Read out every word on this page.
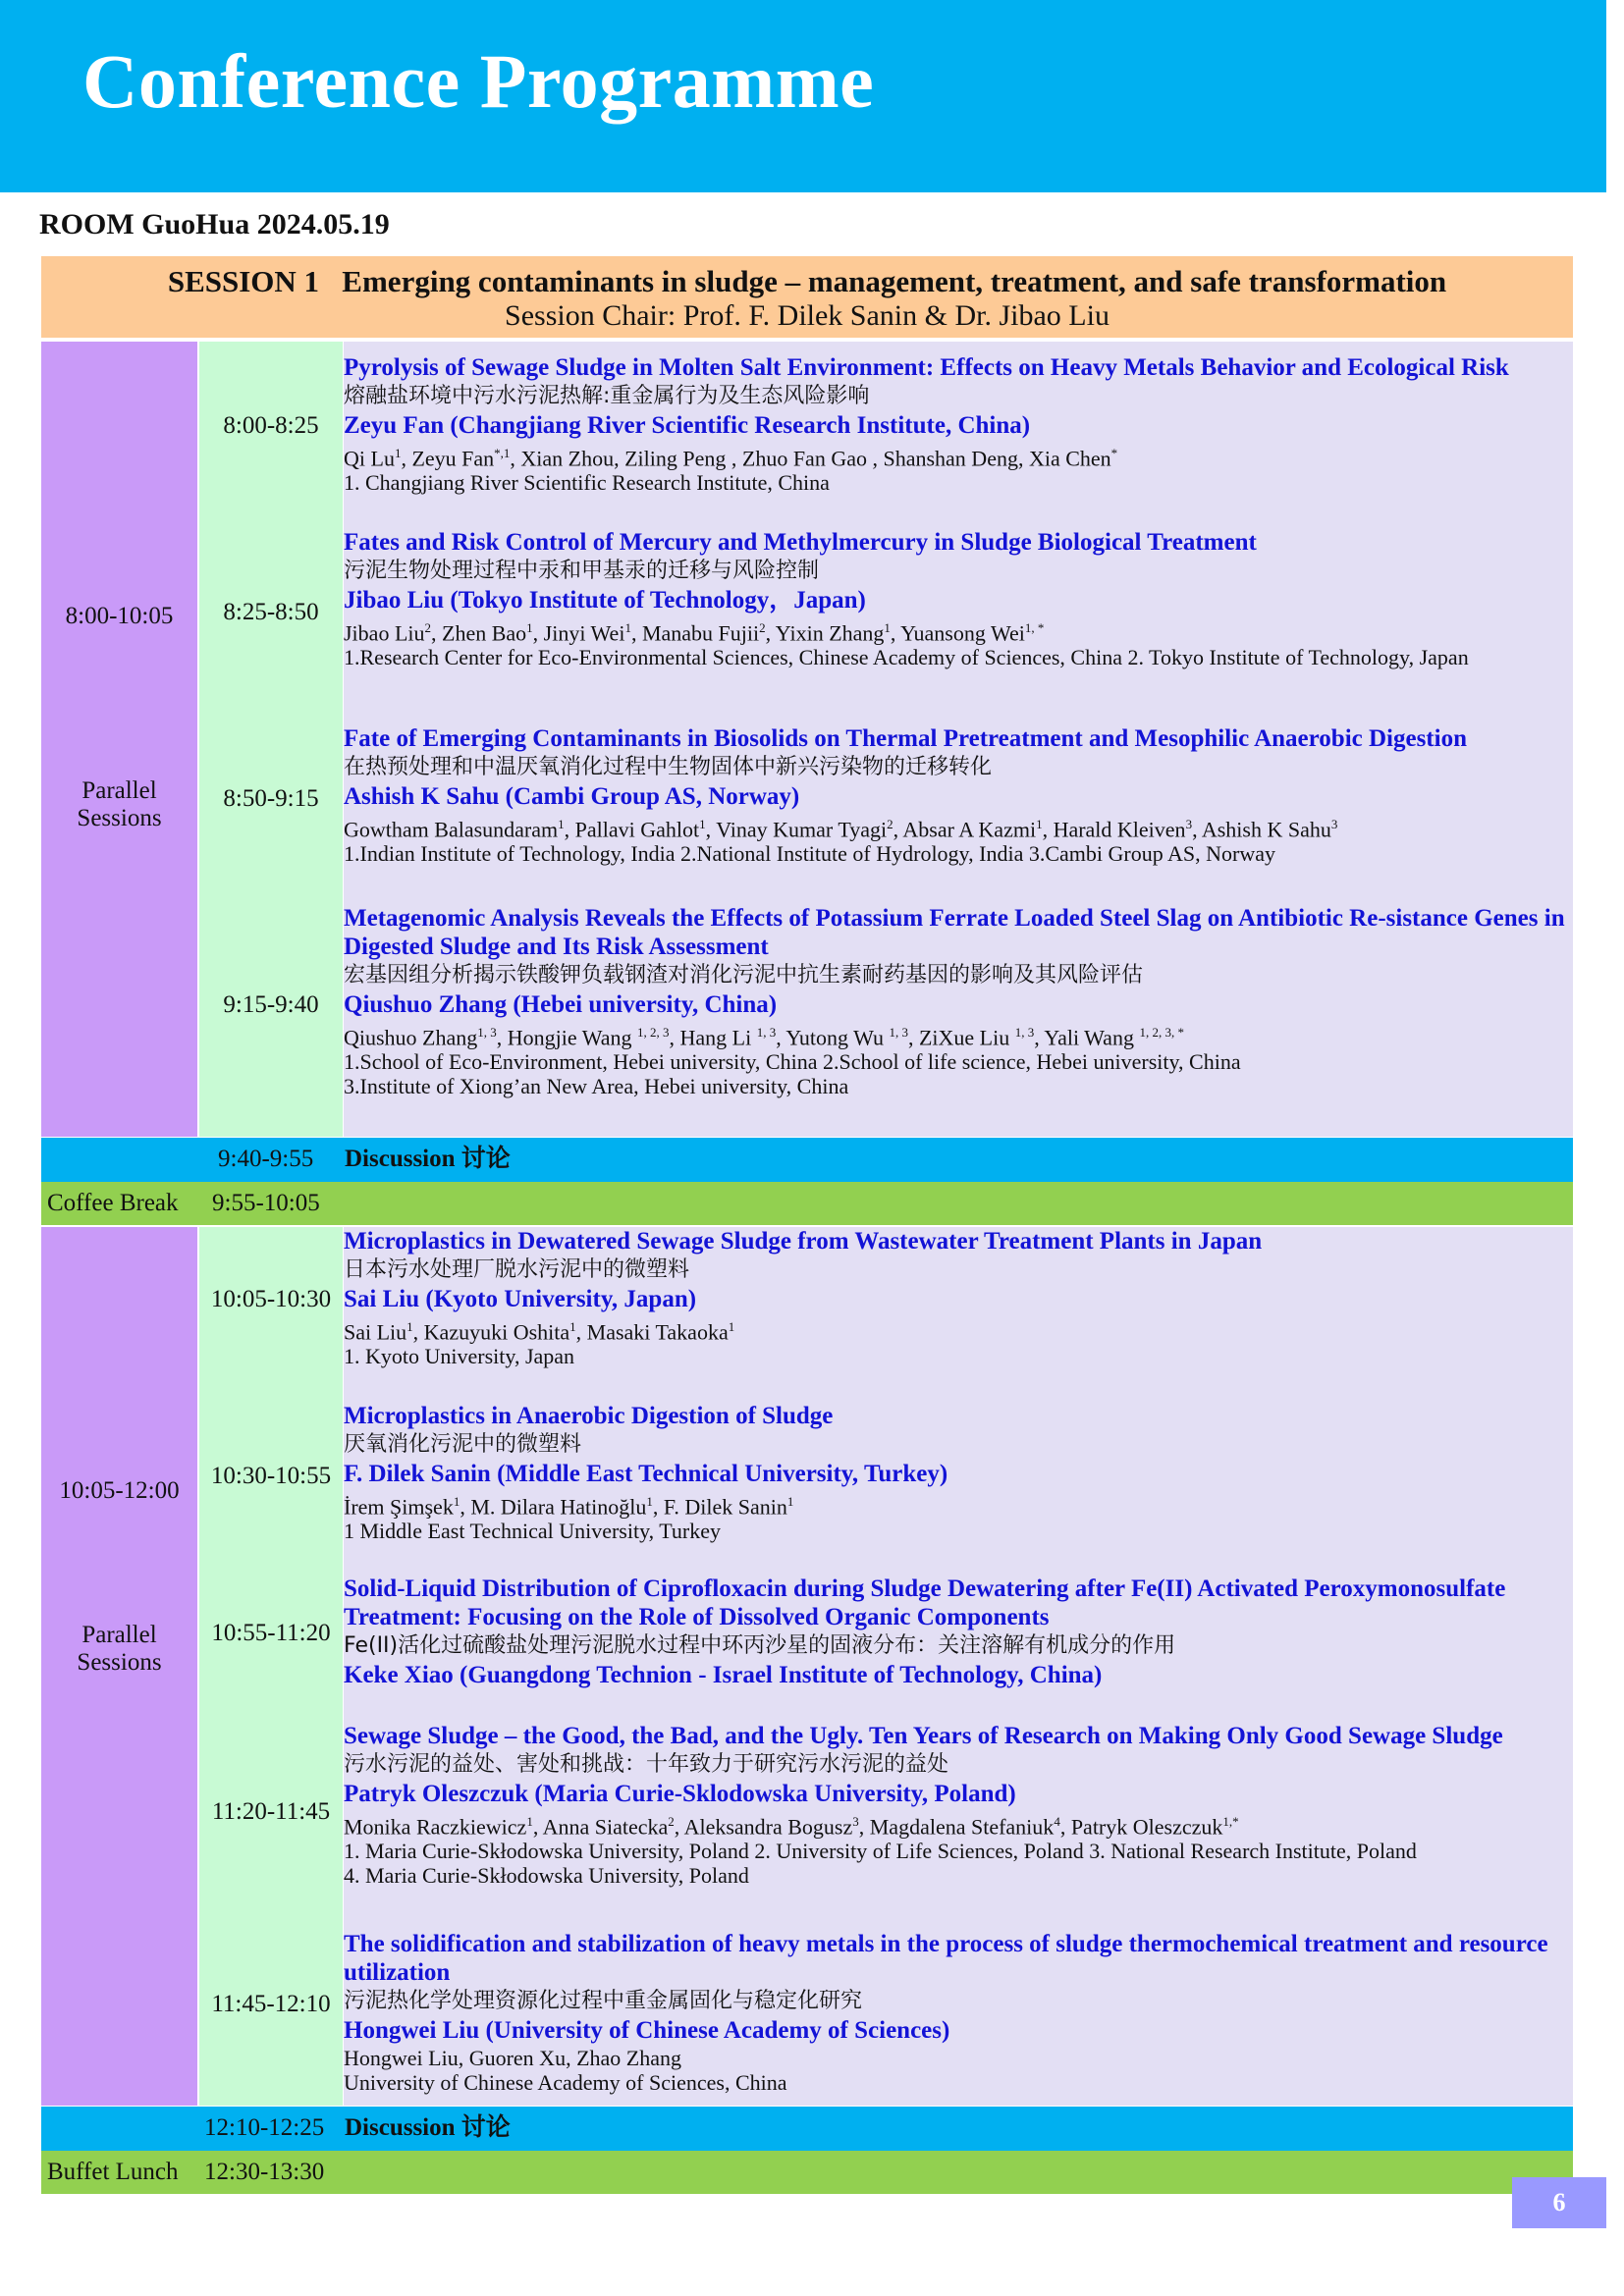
Conference Programme
ROOM GuoHua 2024.05.19
SESSION 1   Emerging contaminants in sludge – management, treatment, and safe transformation
Session Chair: Prof. F. Dilek Sanin & Dr. Jibao Liu
8:00-10:05
Parallel Sessions
8:00-8:25
Pyrolysis of Sewage Sludge in Molten Salt Environment: Effects on Heavy Metals Behavior and Ecological Risk
熔融盐环境中污水污泥热解:重金属行为及生态风险影响
Zeyu Fan (Changjiang River Scientific Research Institute, China)
Qi Lu$^1$, Zeyu Fan$^{*,1}$, Xian Zhou, Ziling Peng , Zhuo Fan Gao , Shanshan Deng, Xia Chen*
1. Changjiang River Scientific Research Institute, China
8:25-8:50
Fates and Risk Control of Mercury and Methylmercury in Sludge Biological Treatment
污泥生物处理过程中汞和甲基汞的迁移与风险控制
Jibao Liu (Tokyo Institute of Technology，Japan)
Jibao Liu$^2$, Zhen Bao$^1$, Jinyi Wei$^1$, Manabu Fujii$^2$, Yixin Zhang$^1$, Yuansong Wei$^{1, *}$
1.Research Center for Eco-Environmental Sciences, Chinese Academy of Sciences, China 2. Tokyo Institute of Technology, Japan
8:50-9:15
Fate of Emerging Contaminants in Biosolids on Thermal Pretreatment and Mesophilic Anaerobic Digestion
在热预处理和中温厌氧消化过程中生物固体中新兴污染物的迁移转化
Ashish K Sahu (Cambi Group AS, Norway)
Gowtham Balasundaram$^1$, Pallavi Gahlot$^1$, Vinay Kumar Tyagi$^2$, Absar A Kazmi$^1$, Harald Kleiven$^3$, Ashish K Sahu$^3$
1.Indian Institute of Technology, India 2.National Institute of Hydrology, India 3.Cambi Group AS, Norway
9:15-9:40
Metagenomic Analysis Reveals the Effects of Potassium Ferrate Loaded Steel Slag on Antibiotic Re-sistance Genes in Digested Sludge and Its Risk Assessment
宏基因组分析揭示铁酸钾负载钢渣对消化污泥中抗生素耐药基因的影响及其风险评估
Qiushuo Zhang (Hebei university, China)
Qiushuo Zhang$^{1, 3}$, Hongjie Wang $^{1, 2, 3}$, Hang Li $^{1, 3}$, Yutong Wu $^{1, 3}$, ZiXue Liu $^{1, 3}$, Yali Wang $^{1, 2, 3, *}$
1.School of Eco-Environment, Hebei university, China 2.School of life science, Hebei university, China
3.Institute of Xiong’an New Area, Hebei university, China
9:40-9:55 Discussion 讨论
Coffee Break 9:55-10:05
10:05-12:00
Parallel Sessions
10:05-10:30
Microplastics in Dewatered Sewage Sludge from Wastewater Treatment Plants in Japan
日本污水处理厂脱水污泥中的微塑料
Sai Liu (Kyoto University, Japan)
Sai Liu$^1$, Kazuyuki Oshita$^1$, Masaki Takaoka$^1$
1. Kyoto University, Japan
10:30-10:55
Microplastics in Anaerobic Digestion of Sludge
厌氧消化污泥中的微塑料
F. Dilek Sanin (Middle East Technical University, Turkey)
İrem Şimşek$^1$, M. Dilara Hatinoğlu$^1$, F. Dilek Sanin$^1$
1 Middle East Technical University, Turkey
10:55-11:20
Solid-Liquid Distribution of Ciprofloxacin during Sludge Dewatering after Fe(II) Activated Peroxymonosulfate Treatment: Focusing on the Role of Dissolved Organic Components
Fe(II)活化过硫酸盐处理污泥脱水过程中环丙沙星的固液分布：关注溶解有机成分的作用
Keke Xiao (Guangdong Technion - Israel Institute of Technology, China)
11:20-11:45
Sewage Sludge – the Good, the Bad, and the Ugly. Ten Years of Research on Making Only Good Sewage Sludge
污水污泥的益处、害处和挑战：十年致力于研究污水污泥的益处
Patryk Oleszczuk (Maria Curie-Sklodowska University, Poland)
Monika Raczkiewicz$^1$, Anna Siatecka$^2$, Aleksandra Bogusz$^3$, Magdalena Stefaniuk$^4$, Patryk Oleszczuk$^{1,*}$
1. Maria Curie-Skłodowska University, Poland 2. University of Life Sciences, Poland 3. National Research Institute, Poland
4. Maria Curie-Skłodowska University, Poland
11:45-12:10
The solidification and stabilization of heavy metals in the process of sludge thermochemical treatment and resource utilization
污泥热化学处理资源化过程中重金属固化与稳定化研究
Hongwei Liu (University of Chinese Academy of Sciences)
Hongwei Liu, Guoren Xu, Zhao Zhang
University of Chinese Academy of Sciences, China
12:10-12:25 Discussion 讨论
Buffet Lunch 12:30-13:30
6
